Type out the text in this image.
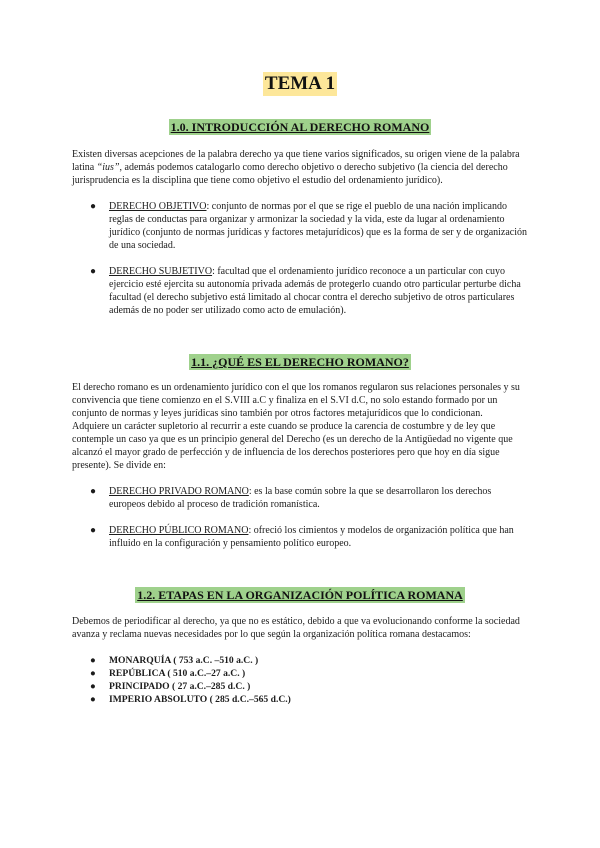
TEMA 1
1.0. INTRODUCCIÓN AL DERECHO ROMANO

Existen diversas acepciones de la palabra derecho ya que tiene varios significados, su origen viene de la palabra latina “ius”, además podemos catalogarlo como derecho objetivo o derecho subjetivo (la ciencia del derecho jurisprudencia es la disciplina que tiene como objetivo el estudio del ordenamiento jurídico).

● DERECHO OBJETIVO: conjunto de normas por el que se rige el pueblo de una nación implicando reglas de conductas para organizar y armonizar la sociedad y la vida, este da lugar al ordenamiento jurídico (conjunto de normas jurídicas y factores metajurídicos) que es la forma de ser y de organización de una sociedad.
● DERECHO SUBJETIVO: facultad que el ordenamiento jurídico reconoce a un particular con cuyo ejercicio esté ejercita su autonomía privada además de protegerlo cuando otro particular perturbe dicha facultad (el derecho subjetivo está limitado al chocar contra el derecho subjetivo de otros particulares además de no poder ser utilizado como acto de emulación).
1.1. ¿QUÉ ES EL DERECHO ROMANO?

El derecho romano es un ordenamiento jurídico con el que los romanos regularon sus relaciones personales y su convivencia que tiene comienzo en el S.VIII a.C y finaliza en el S.VI d.C, no solo estando formado por un conjunto de normas y leyes jurídicas sino también por otros factores metajurídicos que lo condicionan.

Adquiere un carácter supletorio al recurrir a este cuando se produce la carencia de costumbre y de ley que contemple un caso ya que es un principio general del Derecho (es un derecho de la Antigüedad no vigente que alcanzó el mayor grado de perfección y de influencia de los derechos posteriores pero que hoy en día sigue presente). Se divide en:

● DERECHO PRIVADO ROMANO: es la base común sobre la que se desarrollaron los derechos europeos debido al proceso de tradición romanística.
● DERECHO PÚBLICO ROMANO: ofreció los cimientos y modelos de organización política que han influido en la configuración y pensamiento político europeo.
1.2. ETAPAS EN LA ORGANIZACIÓN POLÍTICA ROMANA

Debemos de periodificar al derecho, ya que no es estático, debido a que va evolucionando conforme la sociedad avanza y reclama nuevas necesidades por lo que según la organización política romana destacamos:

● MONARQUÍA ( 753 a.C. –510 a.C. )
● REPÚBLICA ( 510 a.C.–27 a.C. )
● PRINCIPADO ( 27 a.C.–285 d.C. )
● IMPERIO ABSOLUTO ( 285 d.C.–565 d.C.)
